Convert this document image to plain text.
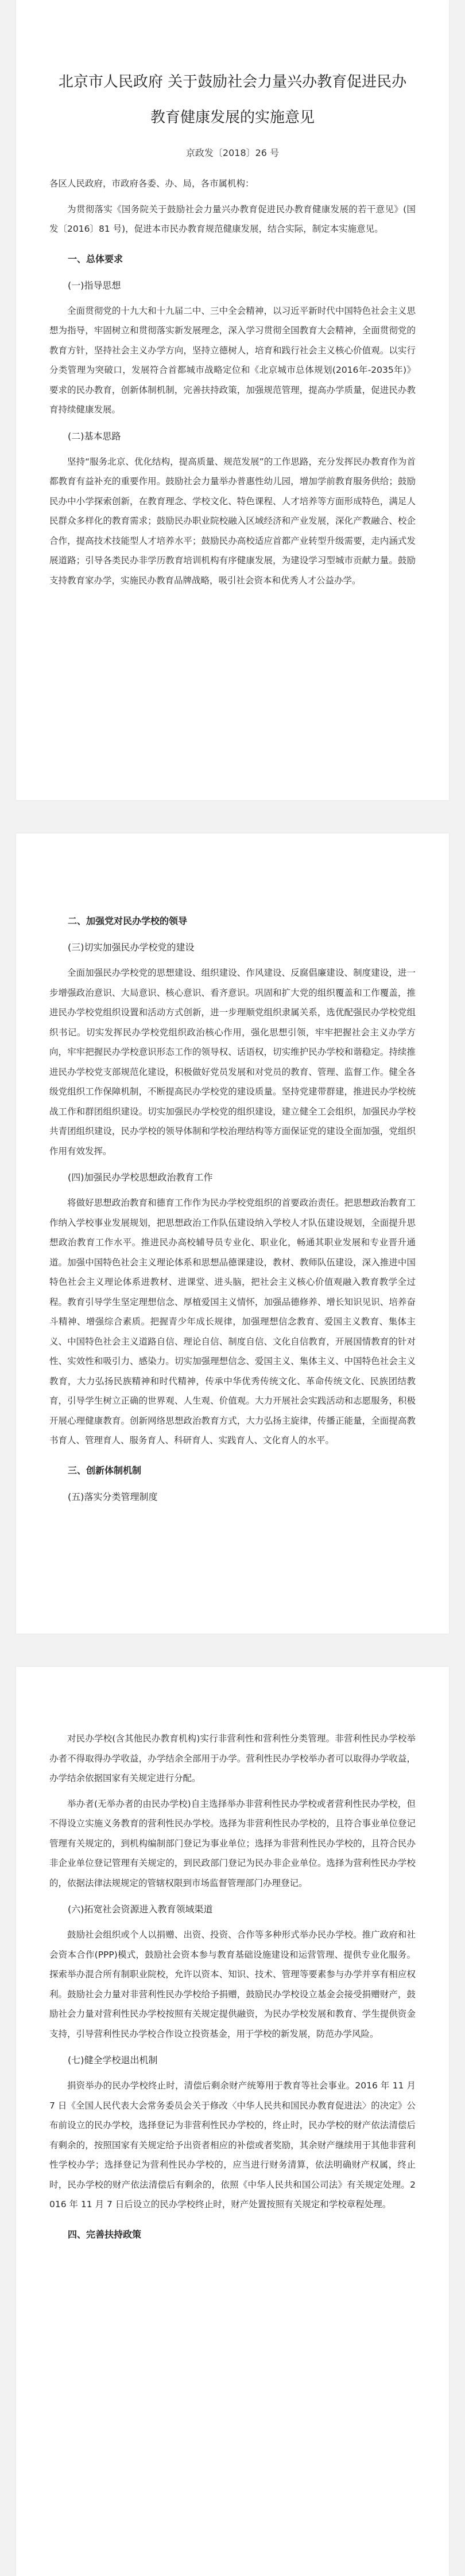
北京市人民政府 关于鼓励社会力量兴办教育促进民办
教育健康发展的实施意见
京政发〔2018〕26 号

各区人民政府，市政府各委、办、局，各市属机构：

为贯彻落实《国务院关于鼓励社会力量兴办教育促进民办教育健康发展的若干意见》(国发〔2016〕81 号)，促进本市民办教育规范健康发展，结合实际，制定本实施意见。

一、总体要求
(一)指导思想

全面贯彻党的十九大和十九届二中、三中全会精神，以习近平新时代中国特色社会主义思想为指导，牢固树立和贯彻落实新发展理念，深入学习贯彻全国教育大会精神，全面贯彻党的教育方针，坚持社会主义办学方向，坚持立德树人，培育和践行社会主义核心价值观。以实行分类管理为突破口，发展符合首都城市战略定位和《北京城市总体规划(2016年-2035年)》要求的民办教育，创新体制机制，完善扶持政策，加强规范管理，提高办学质量，促进民办教育持续健康发展。

(二)基本思路

坚持“服务北京、优化结构，提高质量、规范发展”的工作思路，充分发挥民办教育作为首都教育有益补充的重要作用。鼓励社会力量举办普惠性幼儿园，增加学前教育服务供给；鼓励民办中小学探索创新，在教育理念、学校文化、特色课程、人才培养等方面形成特色，满足人民群众多样化的教育需求；鼓励民办职业院校融入区域经济和产业发展，深化产教融合、校企合作，提高技术技能型人才培养水平；鼓励民办高校适应首都产业转型升级需要，走内涵式发展道路；引导各类民办非学历教育培训机构有序健康发展，为建设学习型城市贡献力量。鼓励支持教育家办学，实施民办教育品牌战略，吸引社会资本和优秀人才公益办学。

二、加强党对民办学校的领导
(三)切实加强民办学校党的建设

全面加强民办学校党的思想建设、组织建设、作风建设、反腐倡廉建设、制度建设，进一步增强政治意识、大局意识、核心意识、看齐意识。巩固和扩大党的组织覆盖和工作覆盖，推进民办学校党组织设置和活动方式创新，进一步理顺党组织隶属关系，选优配强民办学校党组织书记。切实发挥民办学校党组织政治核心作用，强化思想引领，牢牢把握社会主义办学方向，牢牢把握民办学校意识形态工作的领导权、话语权，切实维护民办学校和谐稳定。持续推进民办学校党支部规范化建设，积极做好党员发展和对党员的教育、管理、监督工作。健全各级党组织工作保障机制，不断提高民办学校党的建设质量。坚持党建带群建，推进民办学校统战工作和群团组织建设。切实加强民办学校党的组织建设，建立健全工会组织，加强民办学校共青团组织建设，民办学校的领导体制和学校治理结构等方面保证党的建设全面加强，党组织作用有效发挥。

(四)加强民办学校思想政治教育工作

将做好思想政治教育和德育工作作为民办学校党组织的首要政治责任。把思想政治教育工作纳入学校事业发展规划，把思想政治工作队伍建设纳入学校人才队伍建设规划，全面提升思想政治教育工作水平。推进民办高校辅导员专业化、职业化，畅通其职业发展和专业晋升通道。加强中国特色社会主义理论体系和思想品德课建设，教材、教师队伍建设，深入推进中国特色社会主义理论体系进教材、进课堂、进头脑，把社会主义核心价值观融入教育教学全过程。教育引导学生坚定理想信念、厚植爱国主义情怀，加强品德修养、增长知识见识、培养奋斗精神、增强综合素质。把握青少年成长规律，加强理想信念教育、爱国主义教育、集体主义、中国特色社会主义道路自信、理论自信、制度自信、文化自信教育，开展国情教育的针对性、实效性和吸引力、感染力。切实加强理想信念、爱国主义、集体主义、中国特色社会主义教育，大力弘扬民族精神和时代精神，传承中华优秀传统文化、革命传统文化、民族团结教育，引导学生树立正确的世界观、人生观、价值观。大力开展社会实践活动和志愿服务，积极开展心理健康教育。创新网络思想政治教育方式，大力弘扬主旋律，传播正能量，全面提高教书育人、管理育人、服务育人、科研育人、实践育人、文化育人的水平。

三、创新体制机制
(五)落实分类管理制度

对民办学校(含其他民办教育机构)实行非营利性和营利性分类管理。非营利性民办学校举办者不得取得办学收益，办学结余全部用于办学。营利性民办学校举办者可以取得办学收益，办学结余依据国家有关规定进行分配。

举办者(无举办者的由民办学校)自主选择举办非营利性民办学校或者营利性民办学校，但不得设立实施义务教育的营利性民办学校。选择为非营利性民办学校的，且符合事业单位登记管理有关规定的，到机构编制部门登记为事业单位；选择为非营利性民办学校的，且符合民办非企业单位登记管理有关规定的，到民政部门登记为民办非企业单位。选择为营利性民办学校的，依据法律法规规定的管辖权限到市场监督管理部门办理登记。

(六)拓宽社会资源进入教育领域渠道

鼓励社会组织或个人以捐赠、出资、投资、合作等多种形式举办民办学校。推广政府和社会资本合作(PPP)模式，鼓励社会资本参与教育基础设施建设和运营管理、提供专业化服务。探索举办混合所有制职业院校，允许以资本、知识、技术、管理等要素参与办学并享有相应权利。鼓励社会力量对非营利性民办学校给予捐赠，鼓励民办学校设立基金会接受捐赠财产，鼓励社会力量对营利性民办学校按照有关规定提供融资，为民办学校发展和教育、学生提供资金支持，引导营利性民办学校合作设立投资基金，用于学校的新发展，防范办学风险。

(七)健全学校退出机制

捐资举办的民办学校终止时，清偿后剩余财产统筹用于教育等社会事业。2016 年 11 月 7 日《全国人民代表大会常务委员会关于修改〈中华人民共和国民办教育促进法〉的决定》公布前设立的民办学校，选择登记为非营利性民办学校的，终止时，民办学校的财产依法清偿后有剩余的，按照国家有关规定给予出资者相应的补偿或者奖励，其余财产继续用于其他非营利性学校办学；选择登记为营利性民办学校的，应当进行财务清算，依法明确财产权属，终止时，民办学校的财产依法清偿后有剩余的，依照《中华人民共和国公司法》有关规定处理。2016 年 11 月 7 日后设立的民办学校终止时，财产处置按照有关规定和学校章程处理。

四、完善扶持政策
